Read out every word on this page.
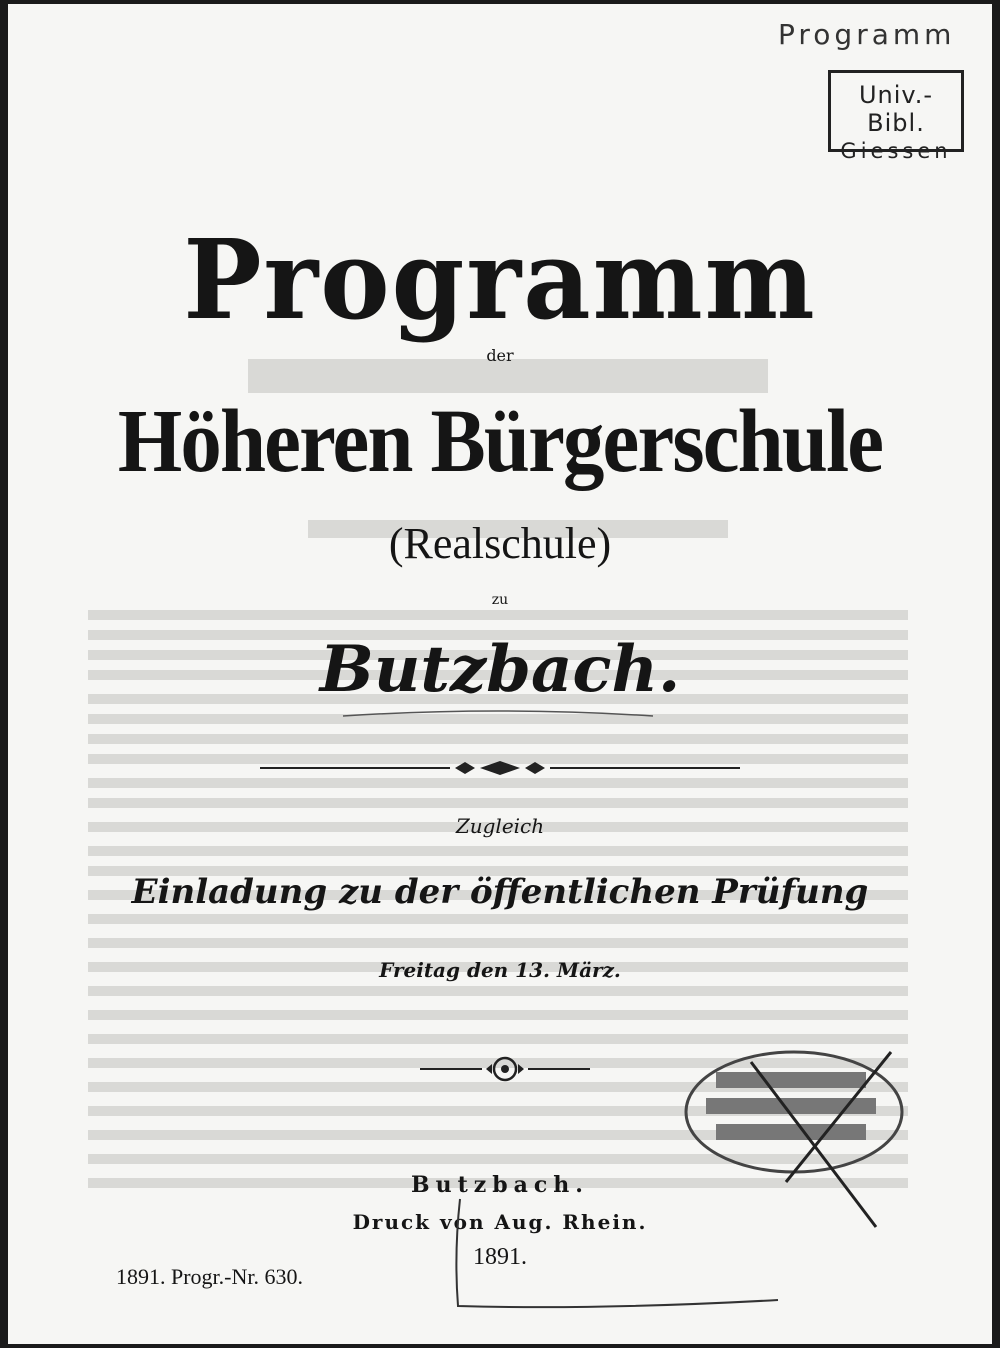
Programm
Univ.-Bibl.
Giessen
Programm
der
Höheren Bürgerschule
(Realschule)
zu
Butzbach.
Zugleich
Einladung zu der öffentlichen Prüfung
Freitag den 13. März.
Butzbach.
Druck von Aug. Rhein.
1891.
1891. Progr.-Nr. 630.
